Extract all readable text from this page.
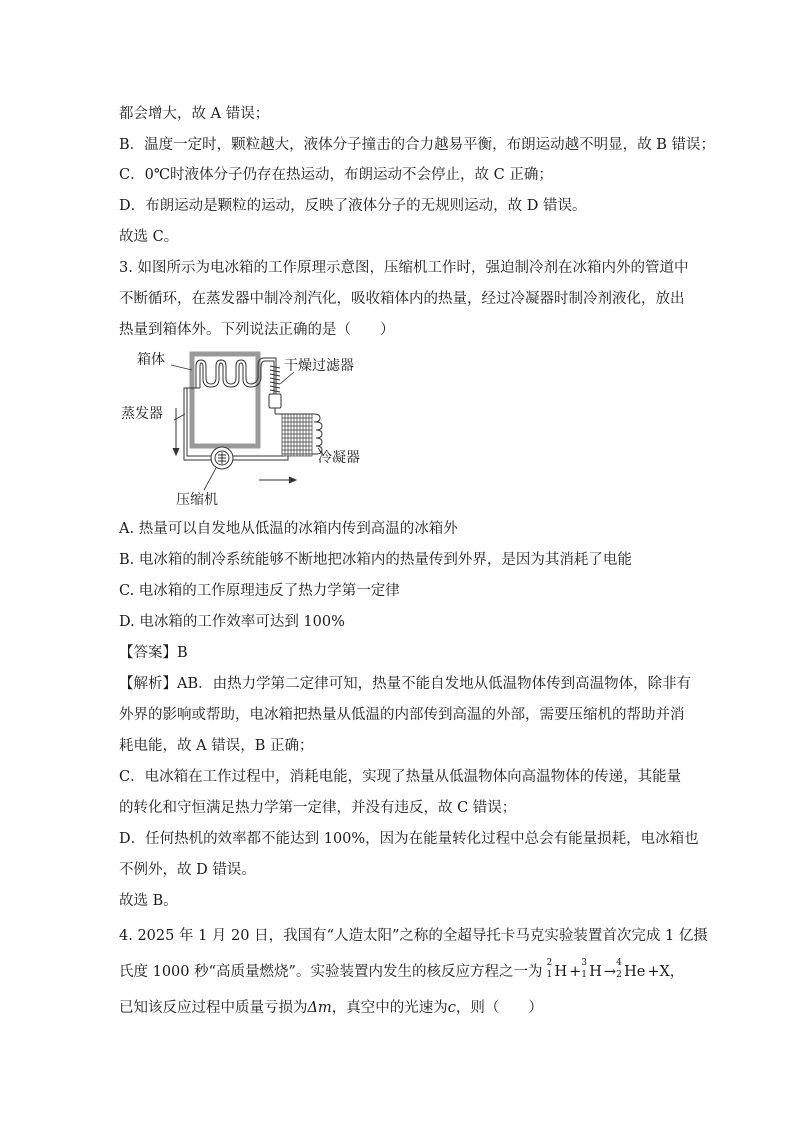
都会增大，故 A 错误；
B．温度一定时，颗粒越大，液体分子撞击的合力越易平衡，布朗运动越不明显，故 B 错误；
C．0℃时液体分子仍存在热运动，布朗运动不会停止，故 C 正确；
D．布朗运动是颗粒的运动，反映了液体分子的无规则运动，故 D 错误。
故选 C。
3. 如图所示为电冰箱的工作原理示意图，压缩机工作时，强迫制冷剂在冰箱内外的管道中
不断循环，在蒸发器中制冷剂汽化，吸收箱体内的热量，经过冷凝器时制冷剂液化，放出
热量到箱体外。下列说法正确的是（　　）
箱体	干燥过滤器
蒸发器
冷凝器
压缩机
A. 热量可以自发地从低温的冰箱内传到高温的冰箱外
B. 电冰箱的制冷系统能够不断地把冰箱内的热量传到外界，是因为其消耗了电能
C. 电冰箱的工作原理违反了热力学第一定律
D. 电冰箱的工作效率可达到 100%
【答案】B
【解析】AB．由热力学第二定律可知，热量不能自发地从低温物体传到高温物体，除非有
外界的影响或帮助，电冰箱把热量从低温的内部传到高温的外部，需要压缩机的帮助并消
耗电能，故 A 错误，B 正确；
C．电冰箱在工作过程中，消耗电能，实现了热量从低温物体向高温物体的传递，其能量
的转化和守恒满足热力学第一定律，并没有违反，故 C 错误；
D．任何热机的效率都不能达到 100%，因为在能量转化过程中总会有能量损耗，电冰箱也
不例外，故 D 错误。
故选 B。
4. 2025 年 1 月 20 日，我国有“人造太阳”之称的全超导托卡马克实验装置首次完成 1 亿摄
氏度 1000 秒“高质量燃烧”。实验装置内发生的核反应方程之一为
2
1 H +
3
1 H →
4
2 He +X，
已知该反应过程中质量亏损为Δm，真空中的光速为c，则（　　）
